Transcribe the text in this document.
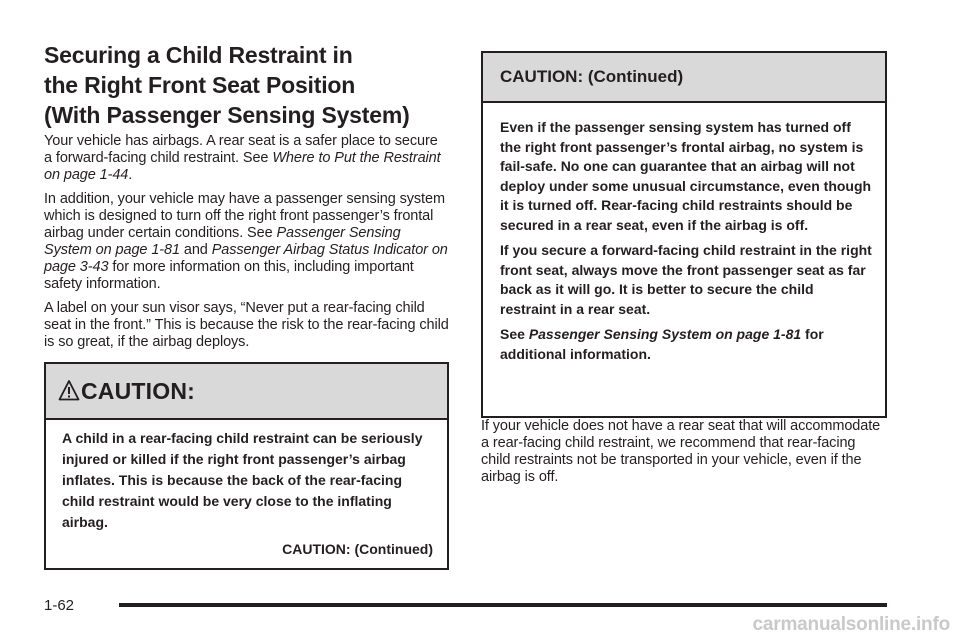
Securing a Child Restraint in
the Right Front Seat Position
(With Passenger Sensing System)

Your vehicle has airbags. A rear seat is a safer place to secure a forward-facing child restraint. See Where to Put the Restraint on page 1-44.

In addition, your vehicle may have a passenger sensing system which is designed to turn off the right front passenger’s frontal airbag under certain conditions. See Passenger Sensing System on page 1-81 and Passenger Airbag Status Indicator on page 3-43 for more information on this, including important safety information.

A label on your sun visor says, “Never put a rear-facing child seat in the front.” This is because the risk to the rear-facing child is so great, if the airbag deploys.

CAUTION:

A child in a rear-facing child restraint can be seriously injured or killed if the right front passenger’s airbag inflates. This is because the back of the rear-facing child restraint would be very close to the inflating airbag.

CAUTION: (Continued)
CAUTION: (Continued)

Even if the passenger sensing system has turned off the right front passenger’s frontal airbag, no system is fail-safe. No one can guarantee that an airbag will not deploy under some unusual circumstance, even though it is turned off. Rear-facing child restraints should be secured in a rear seat, even if the airbag is off.

If you secure a forward-facing child restraint in the right front seat, always move the front passenger seat as far back as it will go. It is better to secure the child restraint in a rear seat.

See Passenger Sensing System on page 1-81 for additional information.

If your vehicle does not have a rear seat that will accommodate a rear-facing child restraint, we recommend that rear-facing child restraints not be transported in your vehicle, even if the airbag is off.

1-62
carmanualsonline.info
